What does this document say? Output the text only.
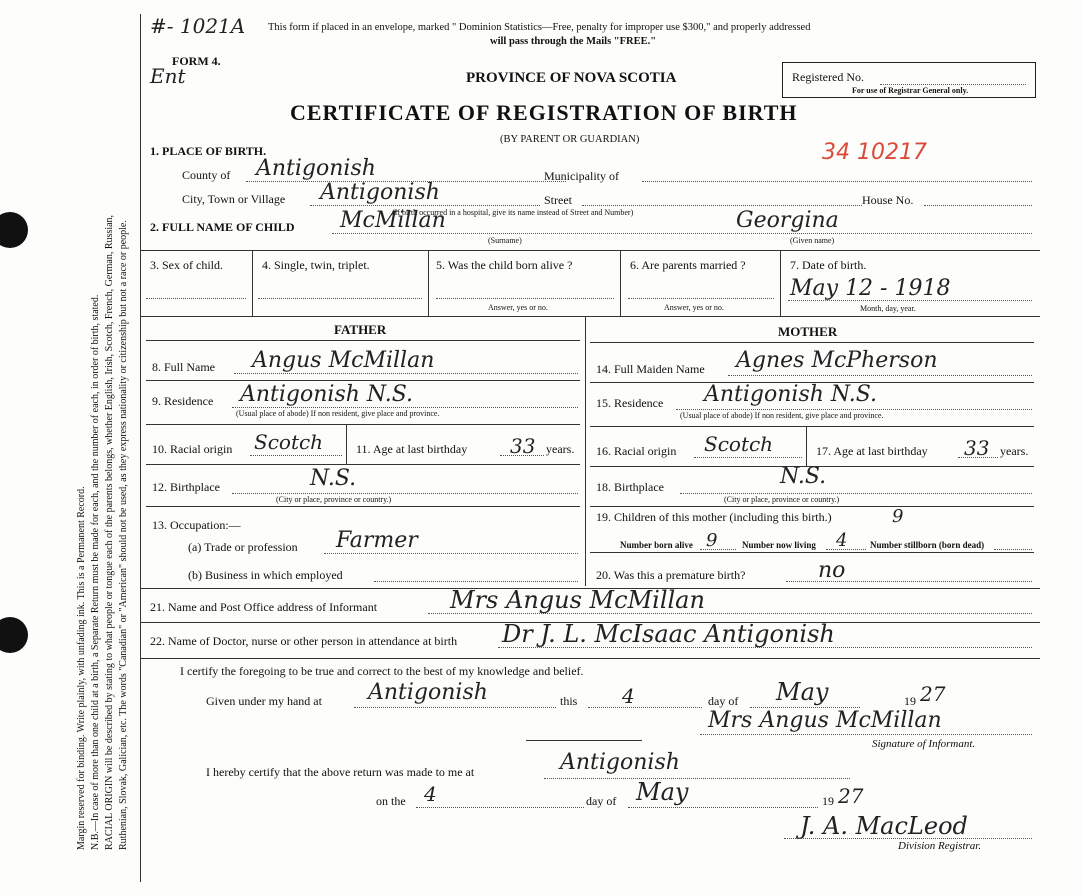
Margin reserved for binding. Write plainly, with unfading ink. This is a Permanent Record. N.B.—In case of more than one child at a birth, a Separate Return must be made for each, and the number of each, in order of birth, stated. RACIAL ORIGIN will be described by stating to what people or tongue each of the parents belongs, whether English, Irish, Scotch, French, German, Russian, Ruthenian, Slovak, Galician, etc. The words "Canadian" or "American" should not be used, as they express nationality or citizenship but not a race or people.
#- 1021A This form if placed in an envelope, marked " Dominion Statistics—Free, penalty for improper use $300," and properly addressed
will pass through the Mails "FREE."
FORM 4.
Ent	PROVINCE OF NOVA SCOTIA	Registered No.
For use of Registrar General only.
CERTIFICATE OF REGISTRATION OF BIRTH
(BY PARENT OR GUARDIAN)
34 10217
1. PLACE OF BIRTH.
County of Antigonish	Municipality of
City, Town or Village Antigonish	Street	House No.
(If birth occurred in a hospital, give its name instead of Street and Number)
2. FULL NAME OF CHILD McMillan
(Surname)
Georgina
(Given name)
3. Sex of child.	4. Single, twin, triplet.	5. Was the child born alive ?
Answer, yes or no.
6. Are parents married ?
Answer, yes or no.
7. Date of birth.
May 12 - 1918
Month, day, year.
FATHER	MOTHER
8. Full Name Angus McMillan
9. Residence Antigonish N.S.
(Usual place of abode) If non resident, give place and province.
10. Racial origin Scotch	11. Age at last birthday 33 years.
12. Birthplace	N.S.
(City or place, province or country.)
13. Occupation:—
(a) Trade or profession Farmer
(b) Business in which employed
14. Full Maiden Name Agnes McPherson
15. Residence Antigonish N.S.
(Usual place of abode) If non resident, give place and province.
16. Racial origin Scotch	17. Age at last birthday 33 years.
18. Birthplace	N.S.
(City or place, province or country.)
19. Children of this mother (including this birth.)	9
Number born alive 9	Number now living 4	Number stillborn (born dead)
20. Was this a premature birth?	no
21. Name and Post Office address of Informant	Mrs Angus McMillan
22. Name of Doctor, nurse or other person in attendance at birth Dr J. L. McIsaac Antigonish
I certify the foregoing to be true and correct to the best of my knowledge and belief.
Given under my hand at Antigonish	this 4	day of May	19 27
Mrs Angus McMillan
Signature of Informant.
I hereby certify that the above return was made to me at	Antigonish
on the 4	day of May	19 27
J. A. MacLeod
Division Registrar.
